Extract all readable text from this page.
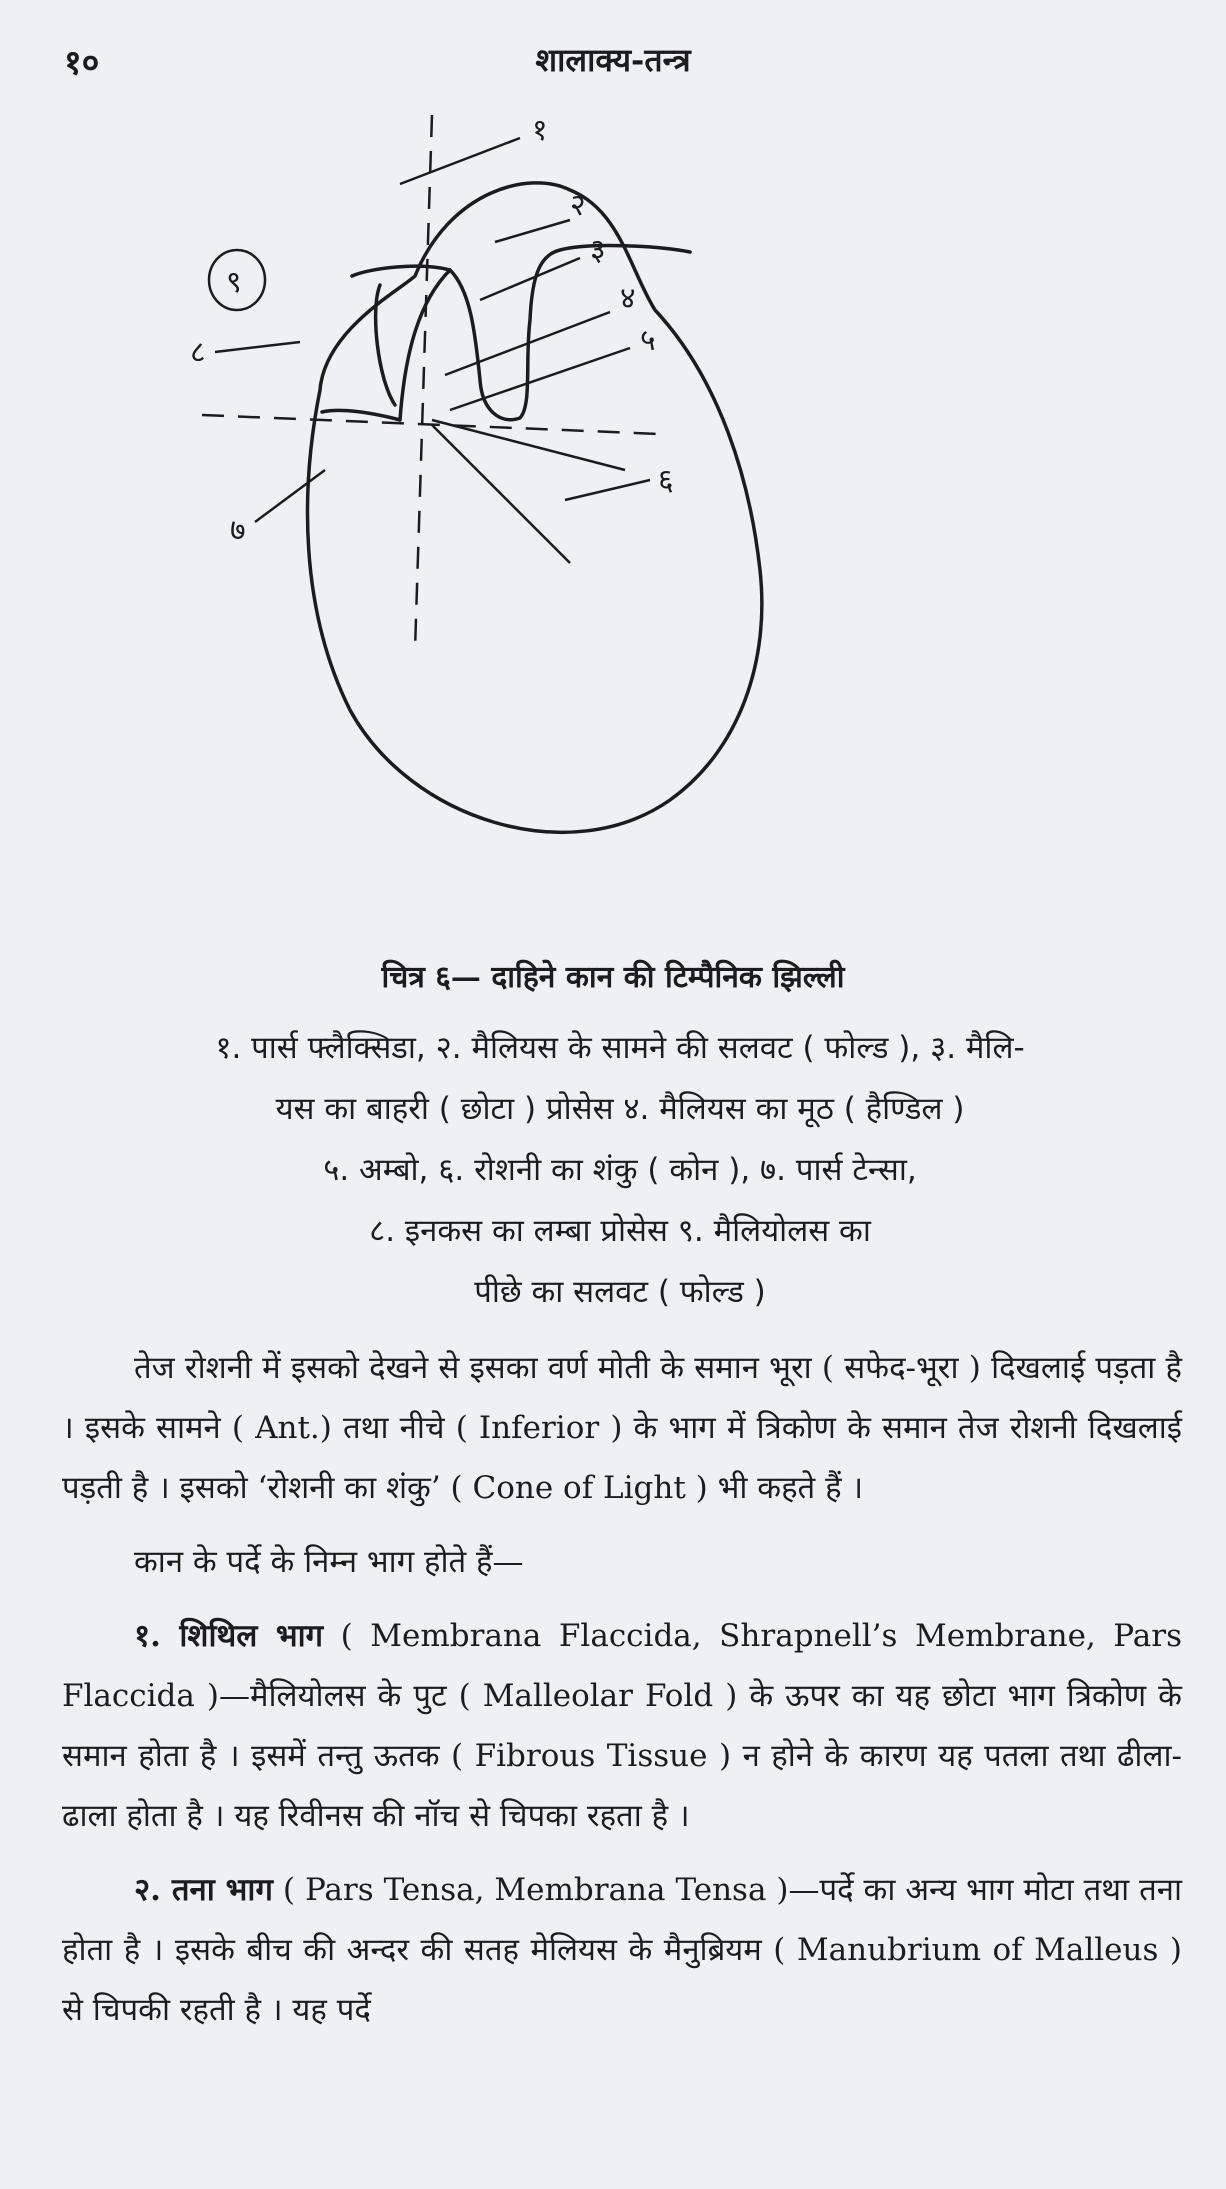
१०	शालाक्य-तन्त्र
१
२
३
४
५
६
७
८
९
चित्र ६— दाहिने कान की टिम्पैनिक झिल्ली
१. पार्स फ्लैक्सिडा, २. मैलियस के सामने की सलवट ( फोल्ड ), ३. मैलि-
यस का बाहरी ( छोटा ) प्रोसेस ४. मैलियस का मूठ ( हैण्डिल )
५. अम्बो, ६. रोशनी का शंकु ( कोन ), ७. पार्स टेन्सा,
८. इनकस का लम्बा प्रोसेस ९. मैलियोलस का
पीछे का सलवट ( फोल्ड )

तेज रोशनी में इसको देखने से इसका वर्ण मोती के समान भूरा ( सफेद-भूरा ) दिखलाई पड़ता है । इसके सामने ( Ant.) तथा नीचे ( Inferior ) के भाग में त्रिकोण के समान तेज रोशनी दिखलाई पड़ती है । इसको ‘रोशनी का शंकु’ ( Cone of Light ) भी कहते हैं ।

कान के पर्दे के निम्न भाग होते हैं—

१. शिथिल भाग ( Membrana Flaccida, Shrapnell’s Membrane, Pars Flaccida )—मैलियोलस के पुट ( Malleolar Fold ) के ऊपर का यह छोटा भाग त्रिकोण के समान होता है । इसमें तन्तु ऊतक ( Fibrous Tissue ) न होने के कारण यह पतला तथा ढीला-ढाला होता है । यह रिवीनस की नॉच से चिपका रहता है ।

२. तना भाग ( Pars Tensa, Membrana Tensa )—पर्दे का अन्य भाग मोटा तथा तना होता है । इसके बीच की अन्दर की सतह मेलियस के मैनुब्रियम ( Manubrium of Malleus ) से चिपकी रहती है । यह पर्दे
